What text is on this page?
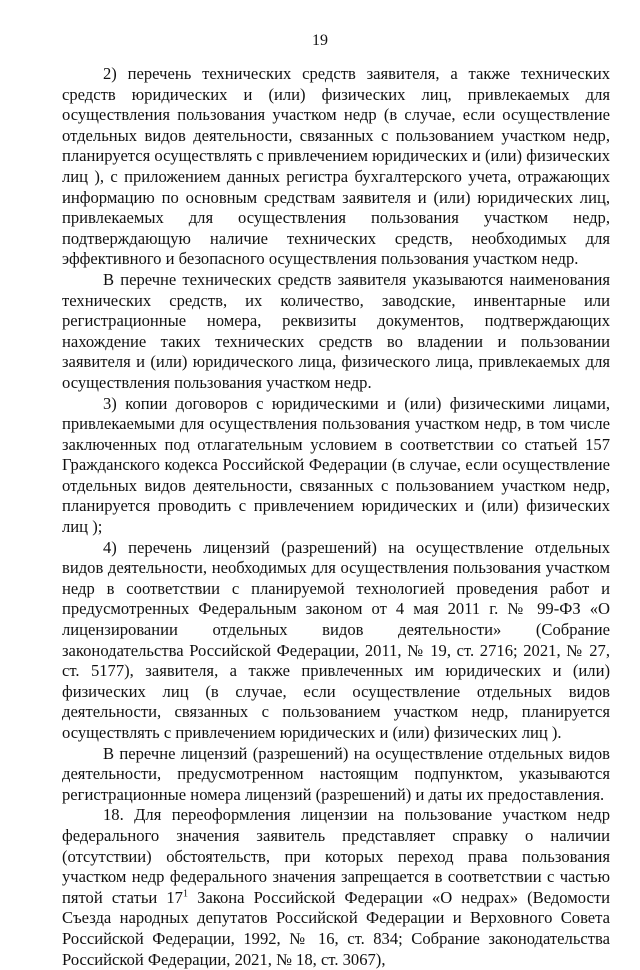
19

2) перечень технических средств заявителя, а также технических средств юридических и (или) физических лиц, привлекаемых для осуществления пользования участком недр (в случае, если осуществление отдельных видов деятельности, связанных с пользованием участком недр, планируется осуществлять с привлечением юридических и (или) физических лиц ), с приложением данных регистра бухгалтерского учета, отражающих информацию по основным средствам заявителя и (или) юридических лиц, привлекаемых для осуществления пользования участком недр, подтверждающую наличие технических средств, необходимых для эффективного и безопасного осуществления пользования участком недр.

В перечне технических средств заявителя указываются наименования технических средств, их количество, заводские, инвентарные или регистрационные номера, реквизиты документов, подтверждающих нахождение таких технических средств во владении и пользовании заявителя и (или) юридического лица, физического лица, привлекаемых для осуществления пользования участком недр.

3) копии договоров с юридическими и (или) физическими лицами, привлекаемыми для осуществления пользования участком недр, в том числе заключенных под отлагательным условием в соответствии со статьей 157 Гражданского кодекса Российской Федерации (в случае, если осуществление отдельных видов деятельности, связанных с пользованием участком недр, планируется проводить с привлечением юридических и (или) физических лиц );

4) перечень лицензий (разрешений) на осуществление отдельных видов деятельности, необходимых для осуществления пользования участком недр в соответствии с планируемой технологией проведения работ и предусмотренных Федеральным законом от 4 мая 2011 г. № 99-ФЗ «О лицензировании отдельных видов деятельности» (Собрание законодательства Российской Федерации, 2011, № 19, ст. 2716; 2021, № 27, ст. 5177), заявителя, а также привлеченных им юридических и (или) физических лиц (в случае, если осуществление отдельных видов деятельности, связанных с пользованием участком недр, планируется осуществлять с привлечением юридических и (или) физических лиц ).

В перечне лицензий (разрешений) на осуществление отдельных видов деятельности, предусмотренном настоящим подпунктом, указываются регистрационные номера лицензий (разрешений) и даты их предоставления.

18. Для переоформления лицензии на пользование участком недр федерального значения заявитель представляет справку о наличии (отсутствии) обстоятельств, при которых переход права пользования участком недр федерального значения запрещается в соответствии с частью пятой статьи $17^1$ Закона Российской Федерации «О недрах» (Ведомости Съезда народных депутатов Российской Федерации и Верховного Совета Российской Федерации, 1992, № 16, ст. 834; Собрание законодательства Российской Федерации, 2021, № 18, ст. 3067),
